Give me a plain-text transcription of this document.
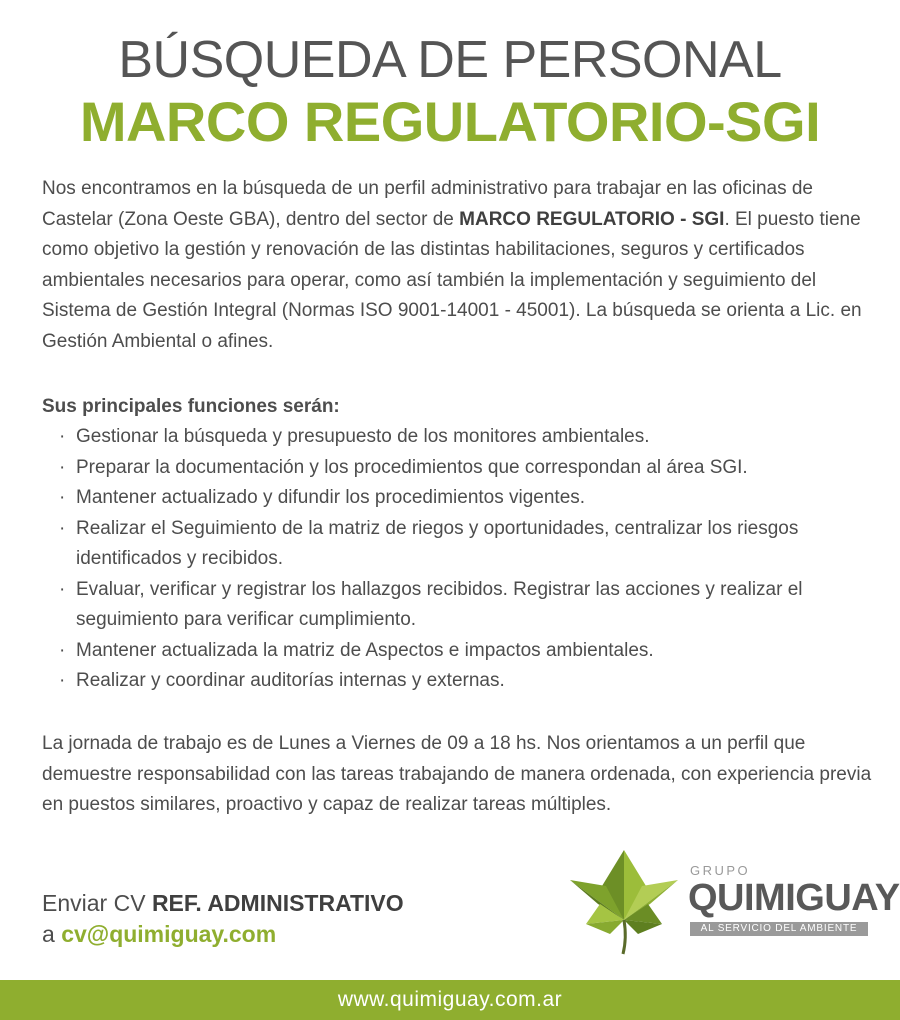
BÚSQUEDA DE PERSONAL
MARCO REGULATORIO-SGI
Nos encontramos en la búsqueda de un perfil administrativo para trabajar en las oficinas de Castelar (Zona Oeste GBA), dentro del sector de MARCO REGULATORIO - SGI. El puesto tiene como objetivo la gestión y renovación de las distintas habilitaciones, seguros y certificados ambientales necesarios para operar, como así también la implementación y seguimiento del Sistema de Gestión Integral (Normas ISO 9001-14001 - 45001). La búsqueda se orienta a Lic. en Gestión Ambiental o afines.
Sus principales funciones serán:
· Gestionar la búsqueda y presupuesto de los monitores ambientales.
· Preparar la documentación y los procedimientos que correspondan al área SGI.
· Mantener actualizado y difundir los procedimientos vigentes.
· Realizar el Seguimiento de la matriz de riegos y oportunidades, centralizar los riesgos identificados y recibidos.
· Evaluar, verificar y registrar los hallazgos recibidos. Registrar las acciones y realizar el seguimiento para verificar cumplimiento.
· Mantener actualizada la matriz de Aspectos e impactos ambientales.
· Realizar y coordinar auditorías internas y externas.
La jornada de trabajo es de Lunes a Viernes de 09 a 18 hs. Nos orientamos a un perfil que demuestre responsabilidad con las tareas trabajando de manera ordenada, con experiencia previa en puestos similares, proactivo y capaz de realizar tareas múltiples.
Enviar CV REF. ADMINISTRATIVO
a cv@quimiguay.com
GRUPO
QUIMIGUAY
AL SERVICIO DEL AMBIENTE
www.quimiguay.com.ar
